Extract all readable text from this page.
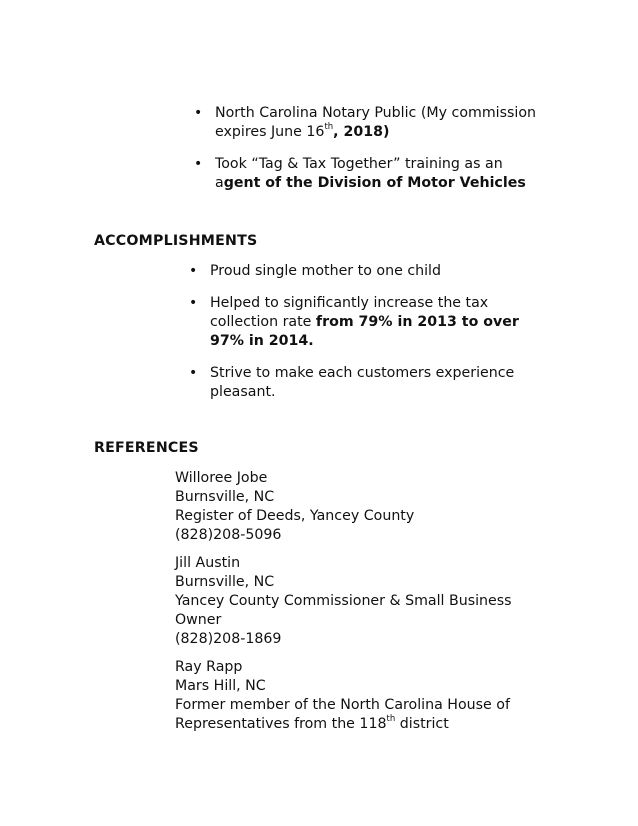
• North Carolina Notary Public (My commission expires June 16th, 2018)
• Took “Tag & Tax Together” training as an agent of the Division of Motor Vehicles
ACCOMPLISHMENTS
• Proud single mother to one child
• Helped to significantly increase the tax collection rate from 79% in 2013 to over 97% in 2014.
• Strive to make each customers experience pleasant.
REFERENCES

Willoree Jobe

Burnsville, NC

Register of Deeds, Yancey County

(828)208-5096

Jill Austin

Burnsville, NC

Yancey County Commissioner & Small Business Owner

(828)208-1869

Ray Rapp

Mars Hill, NC

Former member of the North Carolina House of Representatives from the 118th district
